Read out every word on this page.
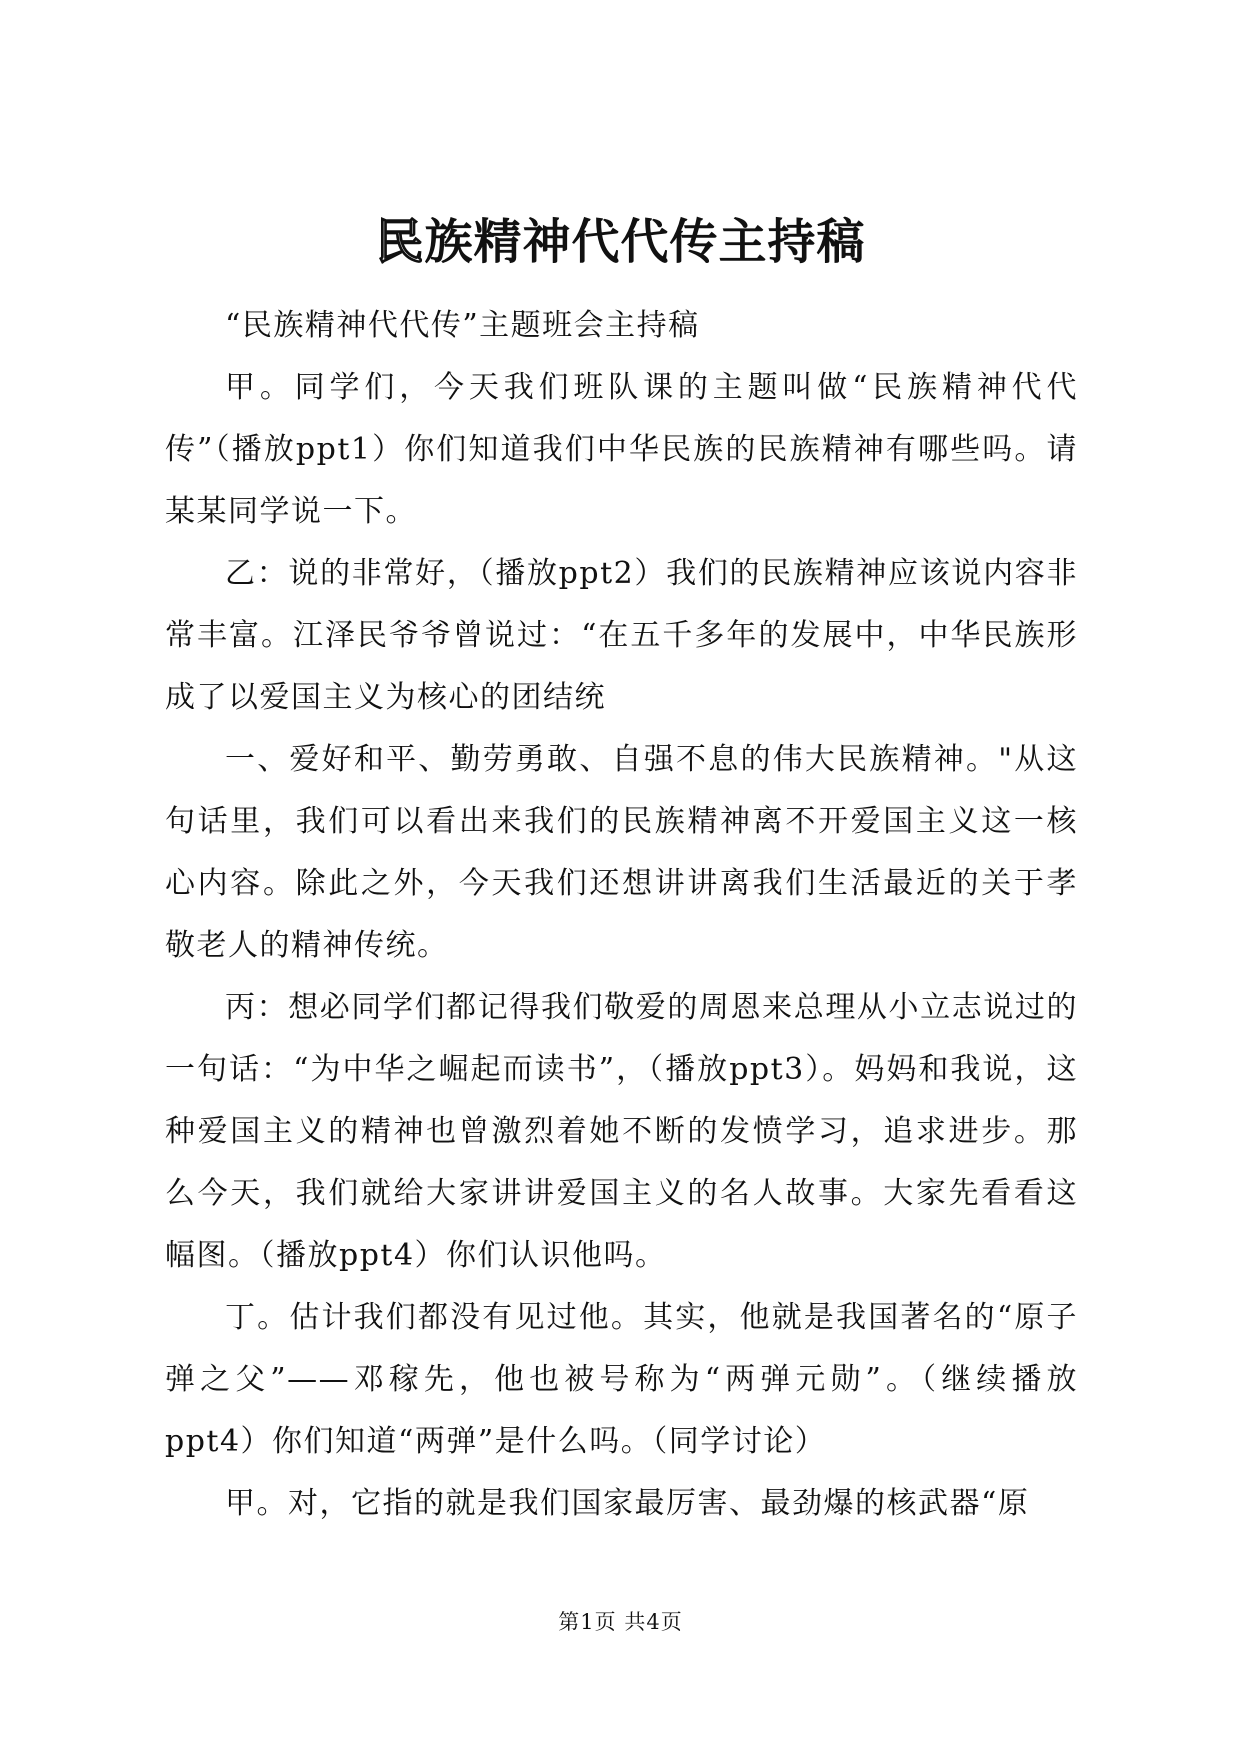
民族精神代代传主持稿

“民族精神代代传”主题班会主持稿

甲。同学们，今天我们班队课的主题叫做“民族精神代代传”（播放ppt1）你们知道我们中华民族的民族精神有哪些吗。请某某同学说一下。

乙：说的非常好，（播放ppt2）我们的民族精神应该说内容非常丰富。江泽民爷爷曾说过：“在五千多年的发展中，中华民族形成了以爱国主义为核心的团结统

一、爱好和平、勤劳勇敢、自强不息的伟大民族精神。"从这句话里，我们可以看出来我们的民族精神离不开爱国主义这一核心内容。除此之外，今天我们还想讲讲离我们生活最近的关于孝敬老人的精神传统。

丙：想必同学们都记得我们敬爱的周恩来总理从小立志说过的一句话：“为中华之崛起而读书”，（播放ppt3）。妈妈和我说，这种爱国主义的精神也曾激烈着她不断的发愤学习，追求进步。那么今天，我们就给大家讲讲爱国主义的名人故事。大家先看看这幅图。（播放ppt4）你们认识他吗。

丁。估计我们都没有见过他。其实，他就是我国著名的“原子弹之父”——邓稼先，他也被号称为“两弹元勋”。（继续播放ppt4）你们知道“两弹”是什么吗。（同学讨论）

甲。对，它指的就是我们国家最厉害、最劲爆的核武器“原

第1页 共4页
